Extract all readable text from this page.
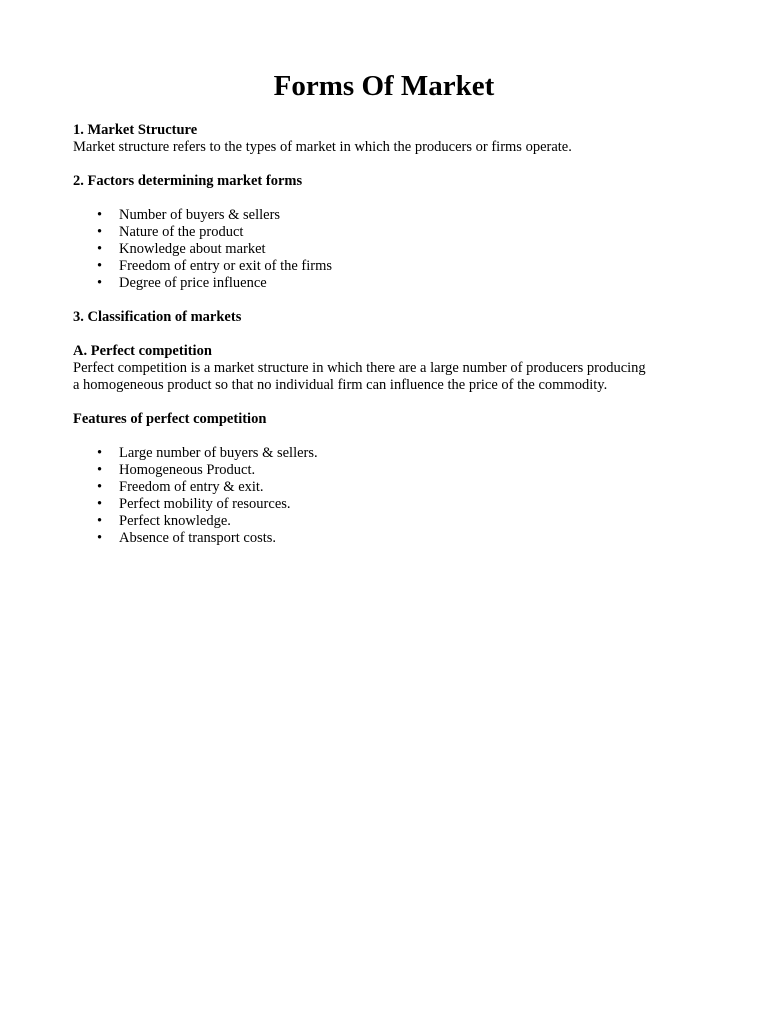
Forms Of Market

1. Market Structure

Market structure refers to the types of market in which the producers or firms operate.

2. Factors determining market forms

• Number of buyers & sellers
• Nature of the product
• Knowledge about market
• Freedom of entry or exit of the firms
• Degree of price influence

3. Classification of markets

A. Perfect competition

Perfect competition is a market structure in which there are a large number of producers producing

a homogeneous product so that no individual firm can influence the price of the commodity.

Features of perfect competition

• Large number of buyers & sellers.
• Homogeneous Product.
• Freedom of entry & exit.
• Perfect mobility of resources.
• Perfect knowledge.
• Absence of transport costs.
